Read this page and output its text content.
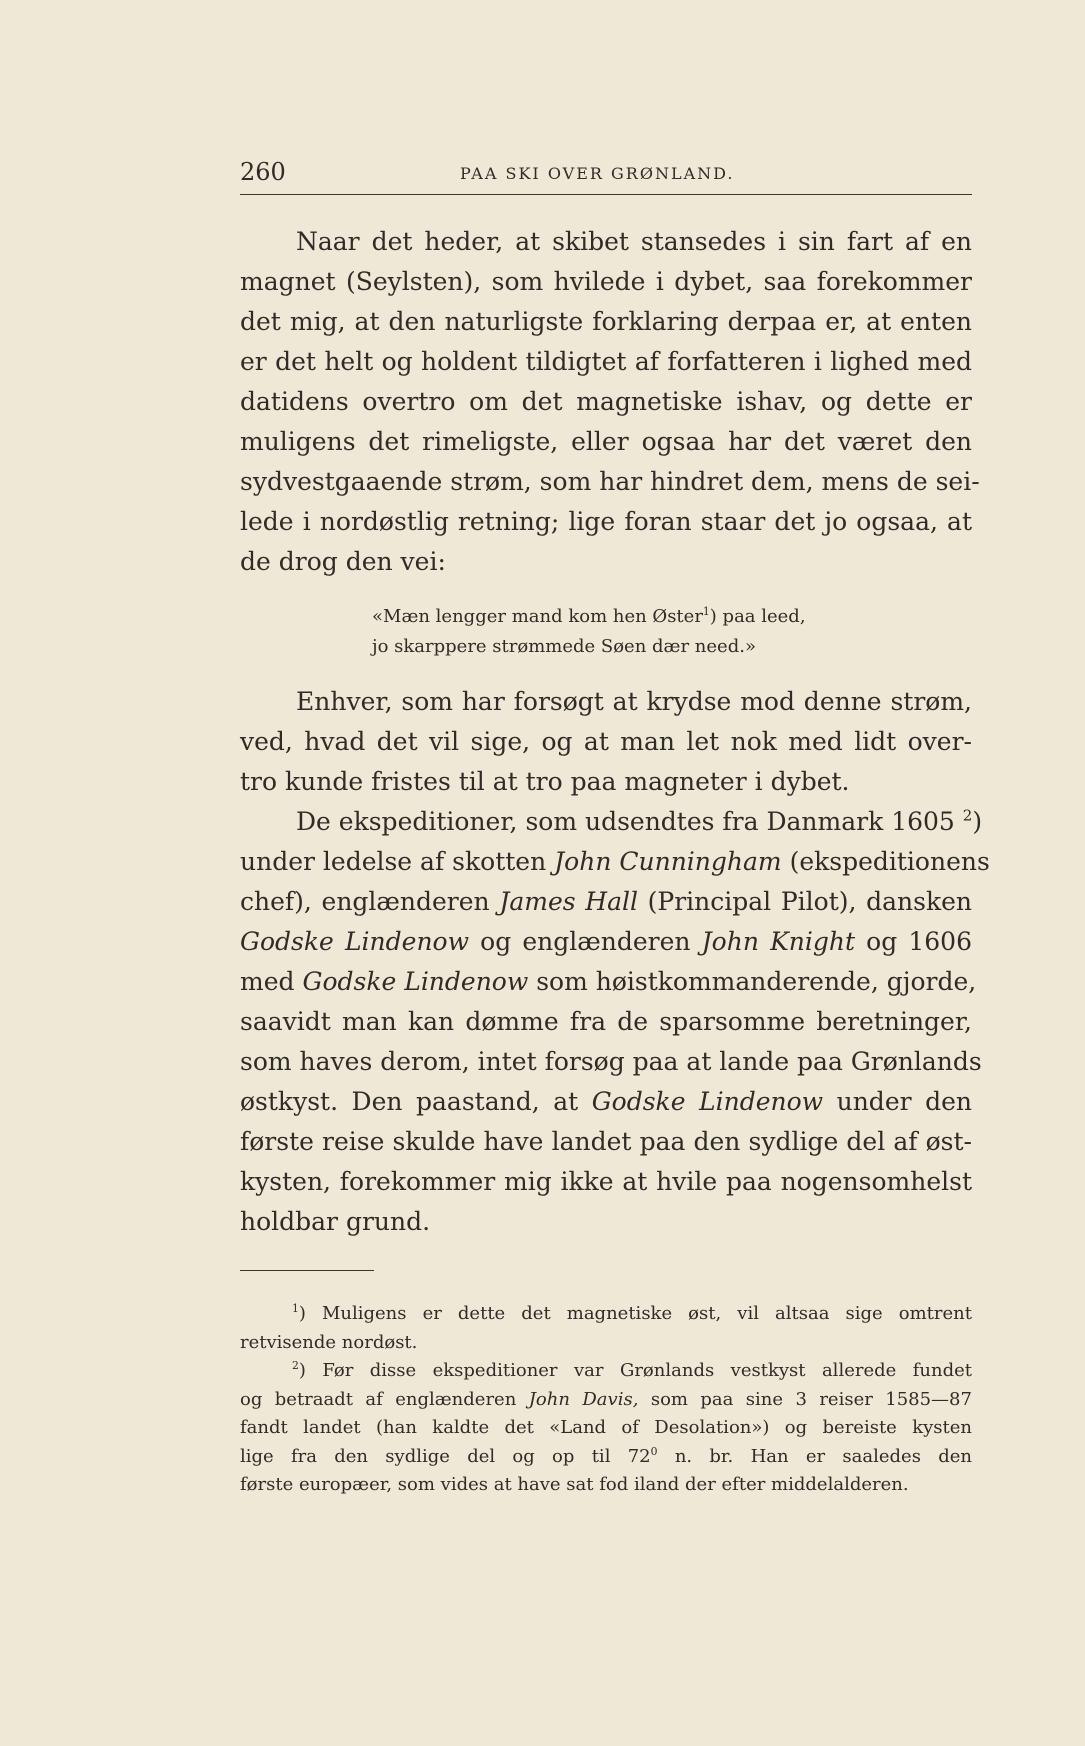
260	PAA SKI OVER GRØNLAND.

Naar det heder, at skibet stansedes i sin fart af en
magnet (Seylsten), som hvilede i dybet, saa forekommer
det mig, at den naturligste forklaring derpaa er, at enten
er det helt og holdent tildigtet af forfatteren i lighed med
datidens overtro om det magnetiske ishav, og dette er
muligens det rimeligste, eller ogsaa har det været den
sydvestgaaende strøm, som har hindret dem, mens de sei-
lede i nordøstlig retning; lige foran staar det jo ogsaa, at
de drog den vei:

«Mæn lengger mand kom hen Øster$^1$) paa leed,
jo skarppere strømmede Søen dær need.»

Enhver, som har forsøgt at krydse mod denne strøm,
ved, hvad det vil sige, og at man let nok med lidt over-
tro kunde fristes til at tro paa magneter i dybet.

De ekspeditioner, som udsendtes fra Danmark 1605 $^2$)
under ledelse af skotten John Cunningham (ekspeditionens
chef), englænderen James Hall (Principal Pilot), dansken
Godske Lindenow og englænderen John Knight og 1606
med Godske Lindenow som høistkommanderende, gjorde,
saavidt man kan dømme fra de sparsomme beretninger,
som haves derom, intet forsøg paa at lande paa Grønlands
østkyst. Den paastand, at Godske Lindenow under den
første reise skulde have landet paa den sydlige del af øst-
kysten, forekommer mig ikke at hvile paa nogensomhelst
holdbar grund.

$^1$) Muligens er dette det magnetiske øst, vil altsaa sige omtrent
retvisende nordøst.
$^2$) Før disse ekspeditioner var Grønlands vestkyst allerede fundet
og betraadt af englænderen John Davis, som paa sine 3 reiser 1585—87
fandt landet (han kaldte det «Land of Desolation») og bereiste kysten
lige fra den sydlige del og op til $72^0$ n. br. Han er saaledes den
første europæer, som vides at have sat fod iland der efter middelalderen.
